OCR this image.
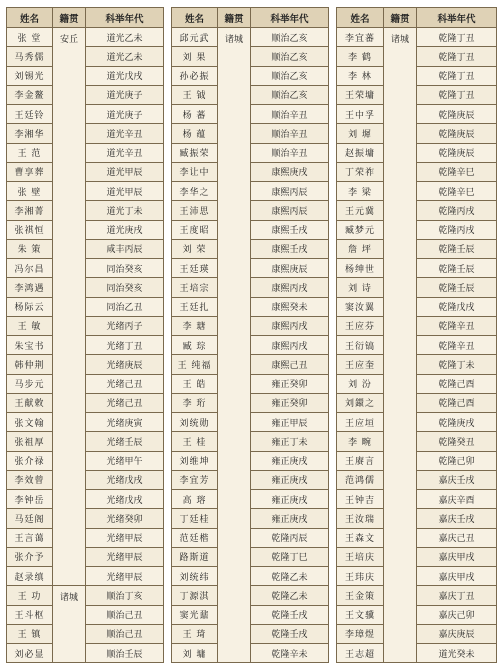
姓名	籍贯	科举年代
张 堂	安丘	道光乙未
马秀儒		道光乙未
刘锡光		道光戊戌
李金鳌		道光庚子
王廷铃		道光庚子
李湘华		道光辛丑
王 范		道光辛丑
曹享葬		道光甲辰
张 壁		道光甲辰
李湘菁		道光丁未
张祺恒		道光庚戌
朱 策		咸丰丙辰
冯尔昌		同治癸亥
李鸿遇		同治癸亥
杨际云		同治乙丑
王 敏		光绪丙子
朱宝书		光绪丁丑
韩仲荆		光绪庚辰
马步元		光绪己丑
王献敕		光绪己丑
张文翰		光绪庚寅
张祖厚		光绪壬辰
张介禄		光绪甲午
李效曾		光绪戊戌
李钟岳		光绪戊戌
马廷阁		光绪癸卯
王言蔼		光绪甲辰
张介予		光绪甲辰
赵录缜		光绪甲辰
王 功	诸城	顺治丁亥
王斗枢		顺治己丑
王 镇		顺治己丑
刘必显		顺治壬辰
姓名	籍贯	科举年代
邱元武	诸城	顺治乙亥
刘 果		顺治乙亥
孙必振		顺治乙亥
王 钺		顺治乙亥
杨 蕃		顺治辛丑
杨 蕴		顺治辛丑
臧振荣		顺治辛丑
李让中		康熙庚戌
李华之		康熙丙辰
王沛思		康熙丙辰
王度昭		康熙壬戌
刘 荣		康熙壬戌
王廷瑛		康熙庚辰
王培宗		康熙丙戌
王廷扎		康熙癸未
李 瑭		康熙丙戌
臧 琮		康熙丙戌
王 纯福		康熙己丑
王 皓		雍正癸卯
李 珩		雍正癸卯
刘统勋		雍正甲辰
王 桂		雍正丁未
刘维坤		雍正庚戌
李宜芳		雍正庚戌
高 瑢		雍正庚戌
丁廷桂		雍正庚戌
范廷楷		乾隆丙辰
路斯道		乾隆丁巳
刘统纬		乾隆乙未
丁源淇		乾隆乙未
窦光鼐		乾隆壬戌
王 琦		乾隆壬戌
刘 墉		乾隆辛未
姓名	籍贯	科举年代
李宜蕃	诸城	乾隆丁丑
李 鹤		乾隆丁丑
李 林		乾隆丁丑
王荣墉		乾隆丁丑
王中孚		乾隆庚辰
刘 墀		乾隆庚辰
赵振墉		乾隆庚辰
丁荣祚		乾隆辛巳
李 梁		乾隆辛巳
王元冀		乾隆丙戌
臧梦元		乾隆丙戌
詹 坪		乾隆壬辰
杨绅世		乾隆壬辰
刘 诗		乾隆壬辰
窦汝翼		乾隆戊戌
王应芬		乾隆辛丑
王衍镐		乾隆辛丑
王应奎		乾隆丁未
刘 汾		乾隆己酉
刘鐶之		乾隆己酉
王应垣		乾隆庚戌
李 畹		乾隆癸丑
王赓言		乾隆己卯
范鸿儒		嘉庆壬戌
王钟吉		嘉庆辛酉
王汝瑞		嘉庆壬戌
王森文		嘉庆己丑
王培庆		嘉庆甲戌
王玮庆		嘉庆甲戌
王金策		嘉庆丁丑
王文骥		嘉庆己卯
李璋煜		嘉庆庚辰
王志超		道光癸未
